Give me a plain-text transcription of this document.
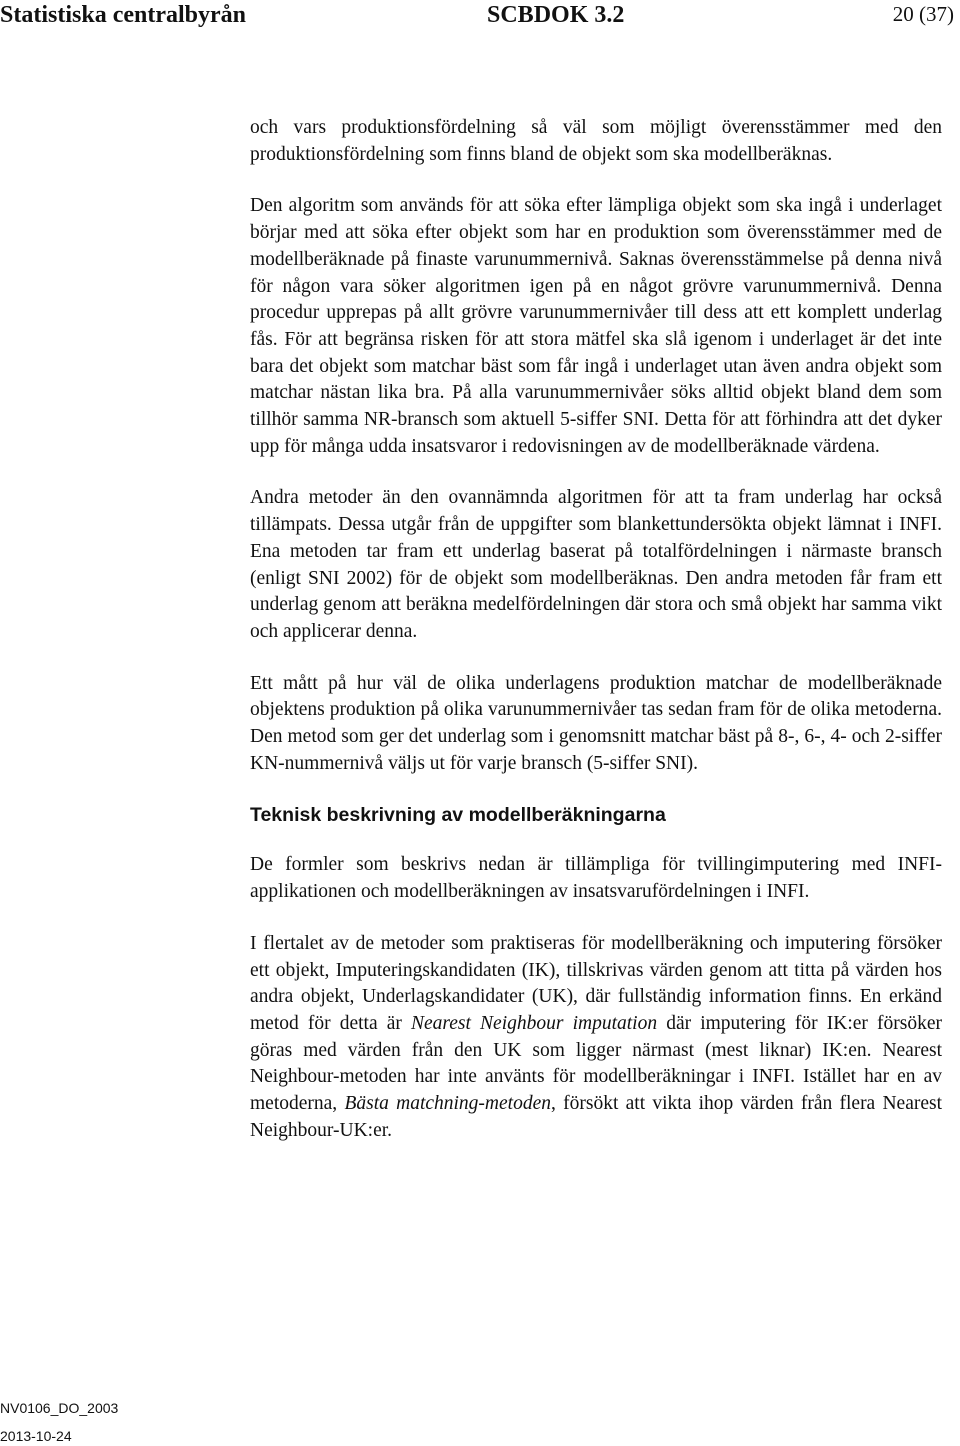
Statistiska centralbyrån	SCBDOK 3.2	20 (37)

och vars produktionsfördelning så väl som möjligt överensstämmer med den produktionsfördelning som finns bland de objekt som ska modellberäknas.

Den algoritm som används för att söka efter lämpliga objekt som ska ingå i underlaget börjar med att söka efter objekt som har en produktion som överensstämmer med de modellberäknade på finaste varunummernivå. Saknas överensstämmelse på denna nivå för någon vara söker algoritmen igen på en något grövre varunummernivå. Denna procedur upprepas på allt grövre varunummernivåer till dess att ett komplett underlag fås. För att begränsa risken för att stora mätfel ska slå igenom i underlaget är det inte bara det objekt som matchar bäst som får ingå i underlaget utan även andra objekt som matchar nästan lika bra. På alla varunummernivåer söks alltid objekt bland dem som tillhör samma NR-bransch som aktuell 5-siffer SNI. Detta för att förhindra att det dyker upp för många udda insatsvaror i redovisningen av de modellberäknade värdena.

Andra metoder än den ovannämnda algoritmen för att ta fram underlag har också tillämpats. Dessa utgår från de uppgifter som blankettundersökta objekt lämnat i INFI. Ena metoden tar fram ett underlag baserat på totalfördelningen i närmaste bransch (enligt SNI 2002) för de objekt som modellberäknas. Den andra metoden får fram ett underlag genom att beräkna medelfördelningen där stora och små objekt har samma vikt och applicerar denna.

Ett mått på hur väl de olika underlagens produktion matchar de modellberäknade objektens produktion på olika varunummernivåer tas sedan fram för de olika metoderna. Den metod som ger det underlag som i genomsnitt matchar bäst på 8-, 6-, 4- och 2-siffer KN-nummernivå väljs ut för varje bransch (5-siffer SNI).

Teknisk beskrivning av modellberäkningarna

De formler som beskrivs nedan är tillämpliga för tvillingimputering med INFI-applikationen och modellberäkningen av insatsvarufördelningen i INFI.

I flertalet av de metoder som praktiseras för modellberäkning och imputering försöker ett objekt, Imputeringskandidaten (IK), tillskrivas värden genom att titta på värden hos andra objekt, Underlagskandidater (UK), där fullständig information finns. En erkänd metod för detta är Nearest Neighbour imputation där imputering för IK:er försöker göras med värden från den UK som ligger närmast (mest liknar) IK:en. Nearest Neighbour-metoden har inte använts för modellberäkningar i INFI. Istället har en av metoderna, Bästa matchning-metoden, försökt att vikta ihop värden från flera Nearest Neighbour-UK:er.

NV0106_DO_2003
2013-10-24
